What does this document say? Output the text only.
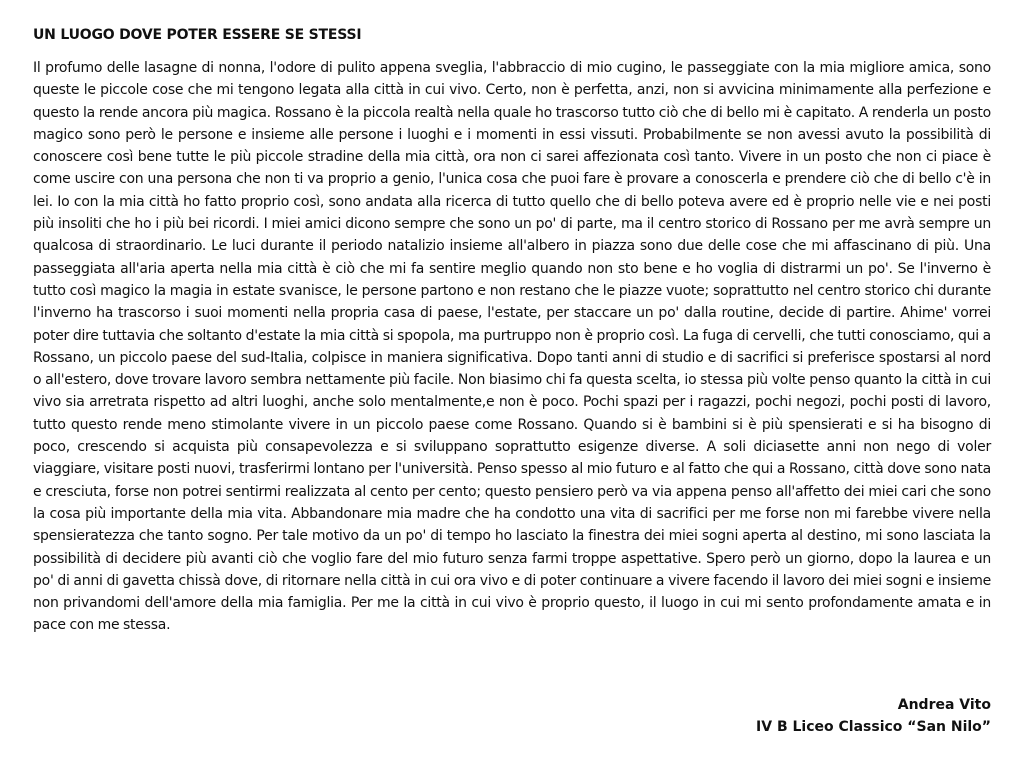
UN LUOGO DOVE POTER ESSERE SE STESSI

Il profumo delle lasagne di nonna, l'odore di pulito appena sveglia, l'abbraccio di mio cugino, le passeggiate con la mia migliore amica, sono queste le piccole cose che mi tengono legata alla città in cui vivo. Certo, non è perfetta, anzi, non si avvicina minimamente alla perfezione e questo la rende ancora più magica. Rossano è la piccola realtà nella quale ho trascorso tutto ciò che di bello mi è capitato. A renderla un posto magico sono però le persone e insieme alle persone i luoghi e i momenti in essi vissuti. Probabilmente se non avessi avuto la possibilità di conoscere così bene tutte le più piccole stradine della mia città, ora non ci sarei affezionata così tanto. Vivere in un posto che non ci piace è come uscire con una persona che non ti va proprio a genio, l'unica cosa che puoi fare è provare a conoscerla e prendere ciò che di bello c'è in lei. Io con la mia città ho fatto proprio così, sono andata alla ricerca di tutto quello che di bello poteva avere ed è proprio nelle vie e nei posti più insoliti che ho i più bei ricordi. I miei amici dicono sempre che sono un po' di parte, ma il centro storico di Rossano per me avrà sempre un qualcosa di straordinario. Le luci durante il periodo natalizio insieme all'albero in piazza sono due delle cose che mi affascinano di più. Una passeggiata all'aria aperta nella mia città è ciò che mi fa sentire meglio quando non sto bene e ho voglia di distrarmi un po'. Se l'inverno è tutto così magico la magia in estate svanisce, le persone partono e non restano che le piazze vuote; soprattutto nel centro storico chi durante l'inverno ha trascorso i suoi momenti nella propria casa di paese, l'estate, per staccare un po' dalla routine, decide di partire. Ahime' vorrei poter dire tuttavia che soltanto d'estate la mia città si spopola, ma purtruppo non è proprio così. La fuga di cervelli, che tutti conosciamo, qui a Rossano, un piccolo paese del sud-Italia, colpisce in maniera significativa. Dopo tanti anni di studio e di sacrifici si preferisce spostarsi al nord o all'estero, dove trovare lavoro sembra nettamente più facile. Non biasimo chi fa questa scelta, io stessa più volte penso quanto la città in cui vivo sia arretrata rispetto ad altri luoghi, anche solo mentalmente,e non è poco. Pochi spazi per i ragazzi, pochi negozi, pochi posti di lavoro, tutto questo rende meno stimolante vivere in un piccolo paese come Rossano. Quando si è bambini si è più spensierati e si ha bisogno di poco, crescendo si acquista più consapevolezza e si sviluppano soprattutto esigenze diverse. A soli diciasette anni non nego di voler viaggiare, visitare posti nuovi, trasferirmi lontano per l'università. Penso spesso al mio futuro e al fatto che qui a Rossano, città dove sono nata e cresciuta, forse non potrei sentirmi realizzata al cento per cento; questo pensiero però va via appena penso all'affetto dei miei cari che sono la cosa più importante della mia vita. Abbandonare mia madre che ha condotto una vita di sacrifici per me forse non mi farebbe vivere nella spensieratezza che tanto sogno. Per tale motivo da un po' di tempo ho lasciato la finestra dei miei sogni aperta al destino, mi sono lasciata la possibilità di decidere più avanti ciò che voglio fare del mio futuro senza farmi troppe aspettative. Spero però un giorno, dopo la laurea e un po' di anni di gavetta chissà dove, di ritornare nella città in cui ora vivo e di poter continuare a vivere facendo il lavoro dei miei sogni e insieme non privandomi dell'amore della mia famiglia. Per me la città in cui vivo è proprio questo, il luogo in cui mi sento profondamente amata e in pace con me stessa.

Andrea Vito
IV B Liceo Classico “San Nilo”
